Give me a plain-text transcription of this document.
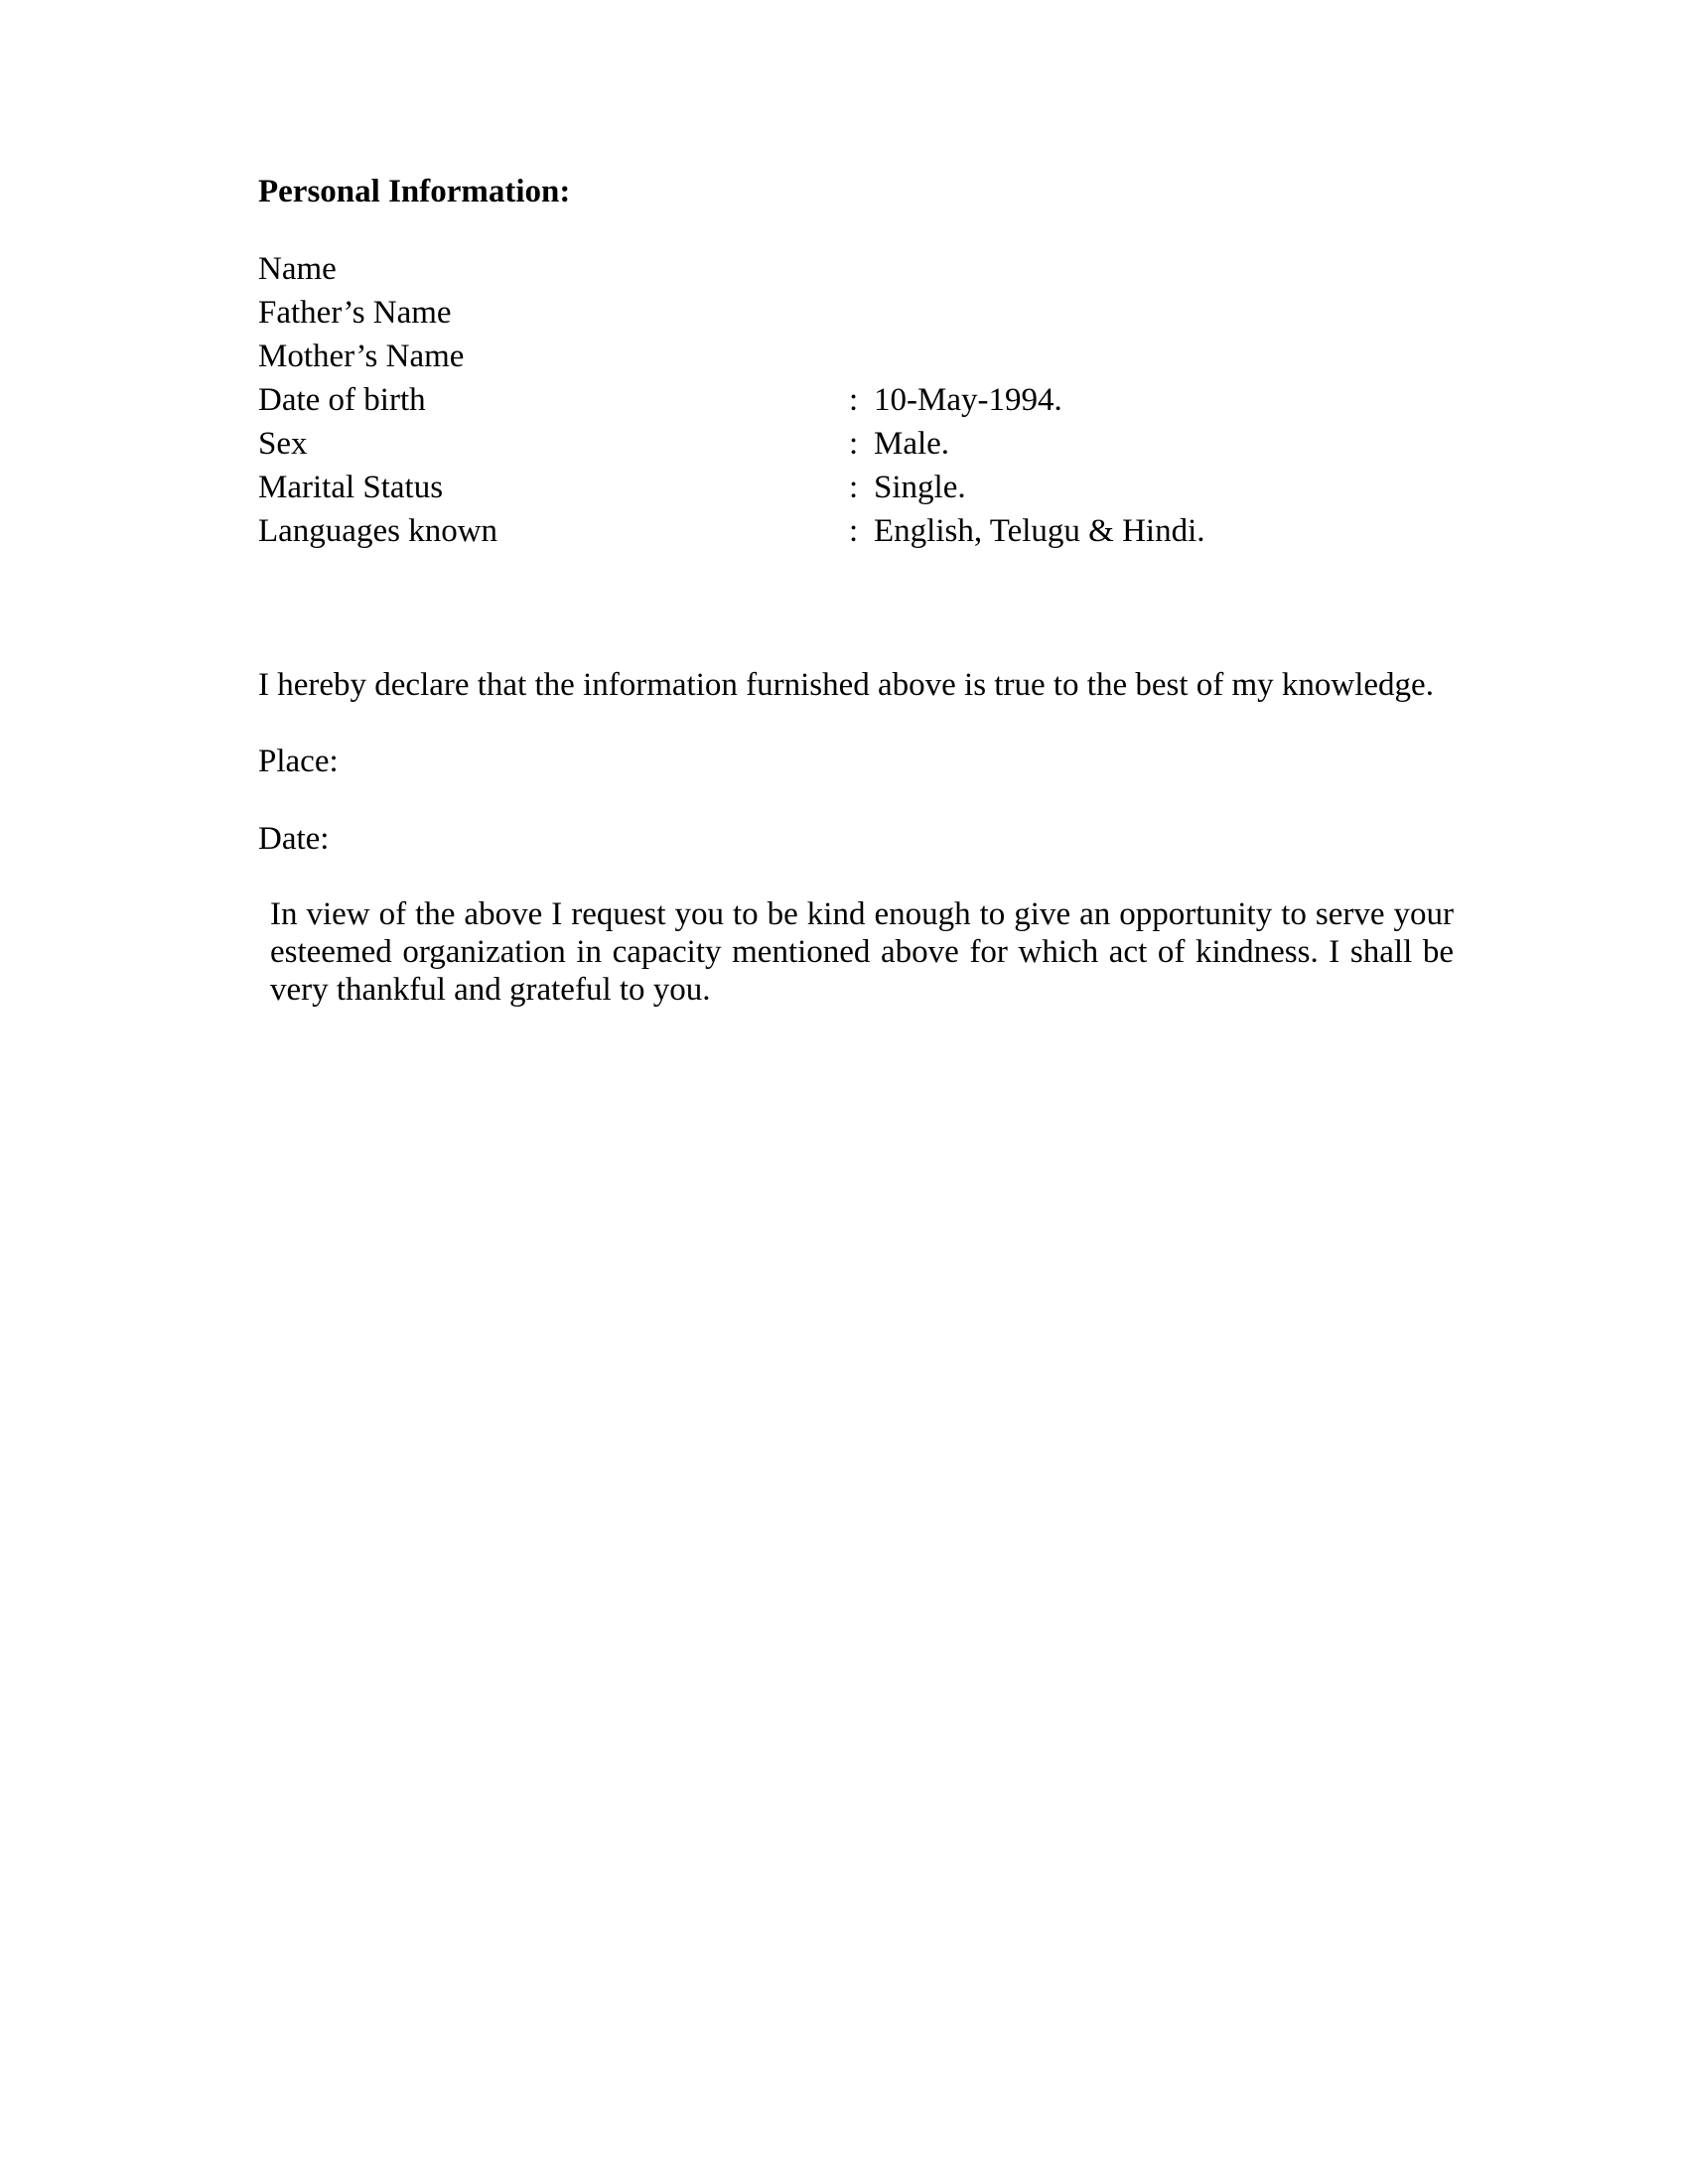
Personal Information:
Name
Father’s Name
Mother’s Name
Date of birth	: 10-May-1994.
Sex	: Male.
Marital Status	: Single.
Languages known	: English, Telugu & Hindi.
I hereby declare that the information furnished above is true to the best of my knowledge.
Place:
Date:
In view of the above I request you to be kind enough to give an opportunity to serve your esteemed organization in capacity mentioned above for which act of kindness. I shall be very thankful and grateful to you.
